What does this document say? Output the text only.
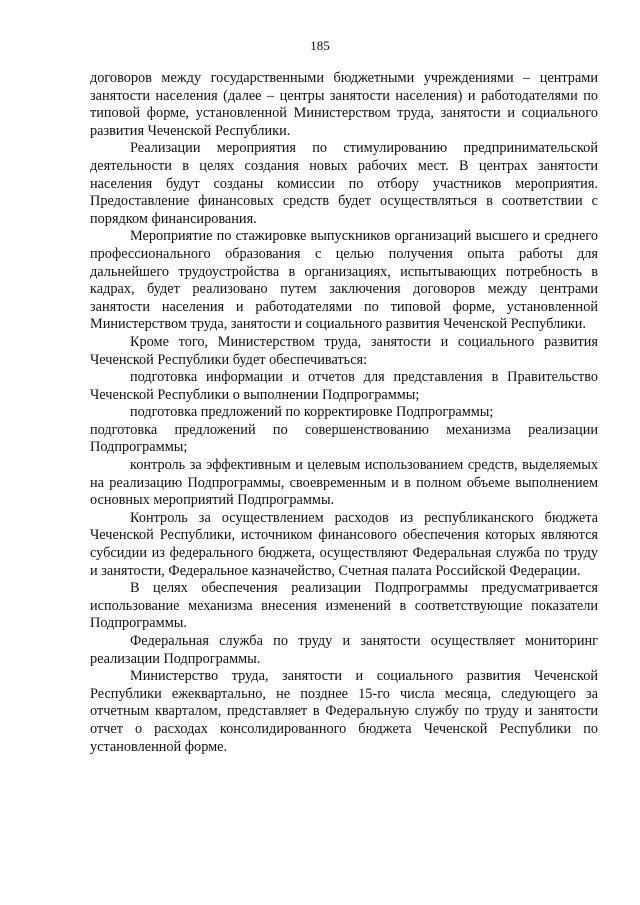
185

договоров между государственными бюджетными учреждениями – центрами занятости населения (далее – центры занятости населения) и работодателями по типовой форме, установленной Министерством труда, занятости и социального развития Чеченской Республики.

Реализации мероприятия по стимулированию предпринимательской деятельности в целях создания новых рабочих мест. В центрах занятости населения будут созданы комиссии по отбору участников мероприятия. Предоставление финансовых средств будет осуществляться в соответствии с порядком финансирования.

Мероприятие по стажировке выпускников организаций высшего и среднего профессионального образования с целью получения опыта работы для дальнейшего трудоустройства в организациях, испытывающих потребность в кадрах, будет реализовано путем заключения договоров между центрами занятости населения и работодателями по типовой форме, установленной Министерством труда, занятости и социального развития Чеченской Республики.

Кроме того, Министерством труда, занятости и социального развития Чеченской Республики будет обеспечиваться:

подготовка информации и отчетов для представления в Правительство Чеченской Республики о выполнении Подпрограммы;

подготовка предложений по корректировке Подпрограммы;

подготовка предложений по совершенствованию механизма реализации Подпрограммы;

контроль за эффективным и целевым использованием средств, выделяемых на реализацию Подпрограммы, своевременным и в полном объеме выполнением основных мероприятий Подпрограммы.

Контроль за осуществлением расходов из республиканского бюджета Чеченской Республики, источником финансового обеспечения которых являются субсидии из федерального бюджета, осуществляют Федеральная служба по труду и занятости, Федеральное казначейство, Счетная палата Российской Федерации.

В целях обеспечения реализации Подпрограммы предусматривается использование механизма внесения изменений в соответствующие показатели Подпрограммы.

Федеральная служба по труду и занятости осуществляет мониторинг реализации Подпрограммы.

Министерство труда, занятости и социального развития Чеченской Республики ежеквартально, не позднее 15-го числа месяца, следующего за отчетным кварталом, представляет в Федеральную службу по труду и занятости отчет о расходах консолидированного бюджета Чеченской Республики по установленной форме.
